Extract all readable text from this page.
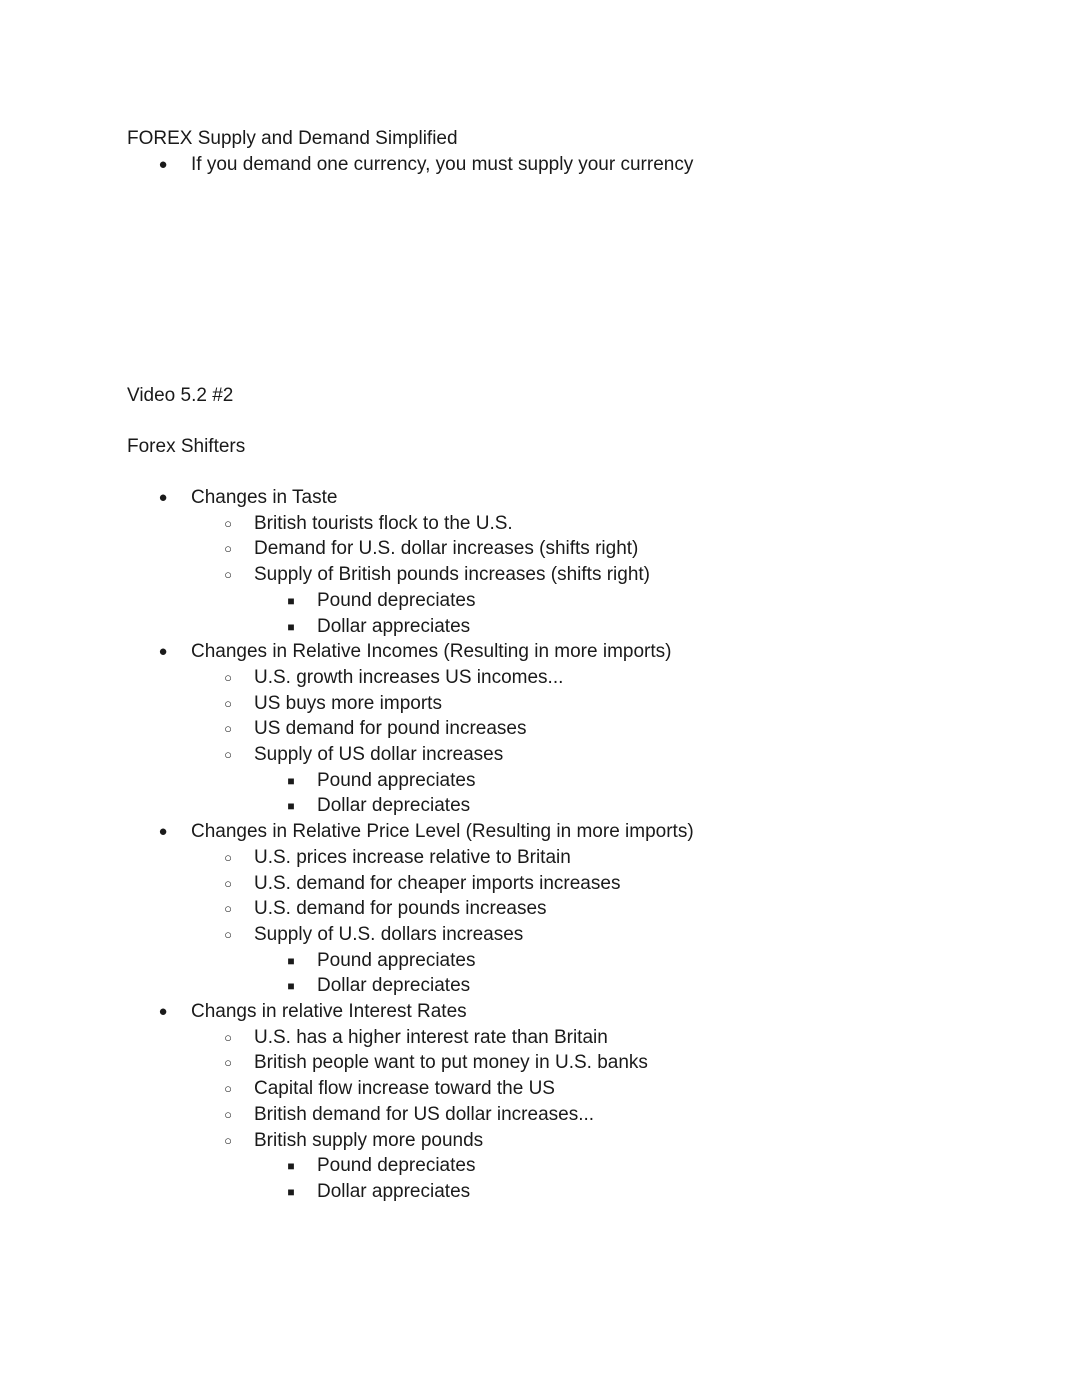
FOREX Supply and Demand Simplified
● If you demand one currency, you must supply your currency
Video 5.2 #2
Forex Shifters
● Changes in Taste
○ British tourists flock to the U.S.
○ Demand for U.S. dollar increases (shifts right)
○ Supply of British pounds increases (shifts right)
■ Pound depreciates
■ Dollar appreciates
● Changes in Relative Incomes (Resulting in more imports)
○ U.S. growth increases US incomes...
○ US buys more imports
○ US demand for pound increases
○ Supply of US dollar increases
■ Pound appreciates
■ Dollar depreciates
● Changes in Relative Price Level (Resulting in more imports)
○ U.S. prices increase relative to Britain
○ U.S. demand for cheaper imports increases
○ U.S. demand for pounds increases
○ Supply of U.S. dollars increases
■ Pound appreciates
■ Dollar depreciates
● Changs in relative Interest Rates
○ U.S. has a higher interest rate than Britain
○ British people want to put money in U.S. banks
○ Capital flow increase toward the US
○ British demand for US dollar increases...
○ British supply more pounds
■ Pound depreciates
■ Dollar appreciates
